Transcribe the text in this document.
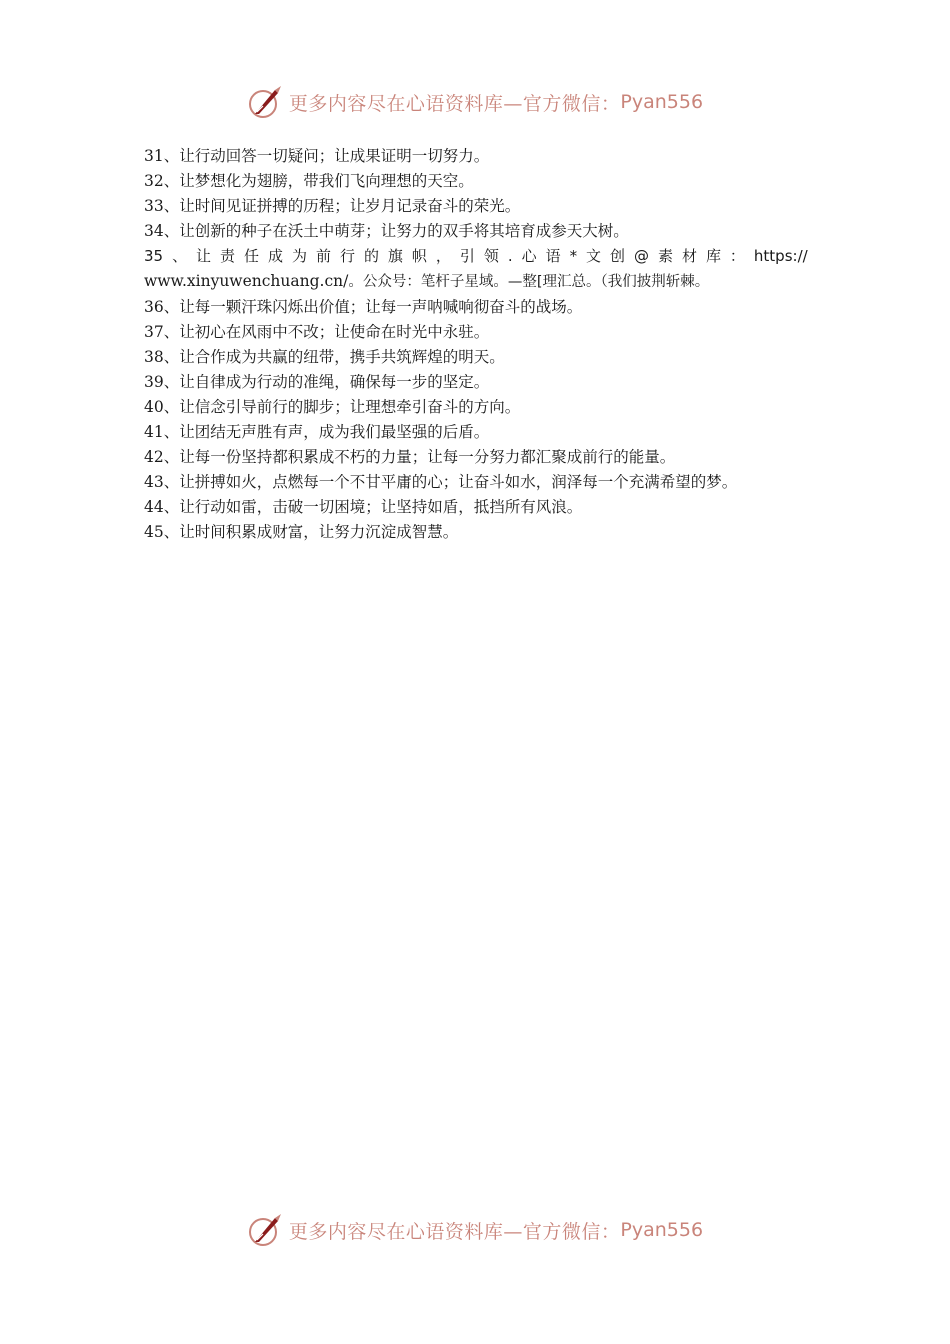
更多内容尽在心语资料库—官方微信： Pyan556
31、让行动回答一切疑问；让成果证明一切努力。
32、让梦想化为翅膀，带我们飞向理想的天空。
33、让时间见证拼搏的历程；让岁月记录奋斗的荣光。
34、让创新的种子在沃土中萌芽；让努力的双手将其培育成参天大树。
35 、 让 责 任 成 为 前 行 的 旗 帜 ， 引 领 . 心 语 * 文 创 @ 素 材 库 ： https://
www.xinyuwenchuang.cn/。公众号：笔杆子星域。—整[理汇总。（我们披荆斩棘。
36、让每一颗汗珠闪烁出价值；让每一声呐喊响彻奋斗的战场。
37、让初心在风雨中不改；让使命在时光中永驻。
38、让合作成为共赢的纽带，携手共筑辉煌的明天。
39、让自律成为行动的准绳，确保每一步的坚定。
40、让信念引导前行的脚步；让理想牵引奋斗的方向。
41、让团结无声胜有声，成为我们最坚强的后盾。
42、让每一份坚持都积累成不朽的力量；让每一分努力都汇聚成前行的能量。
43、让拼搏如火，点燃每一个不甘平庸的心；让奋斗如水，润泽每一个充满希望的梦。
44、让行动如雷，击破一切困境；让坚持如盾，抵挡所有风浪。
45、让时间积累成财富，让努力沉淀成智慧。
更多内容尽在心语资料库—官方微信： Pyan556
